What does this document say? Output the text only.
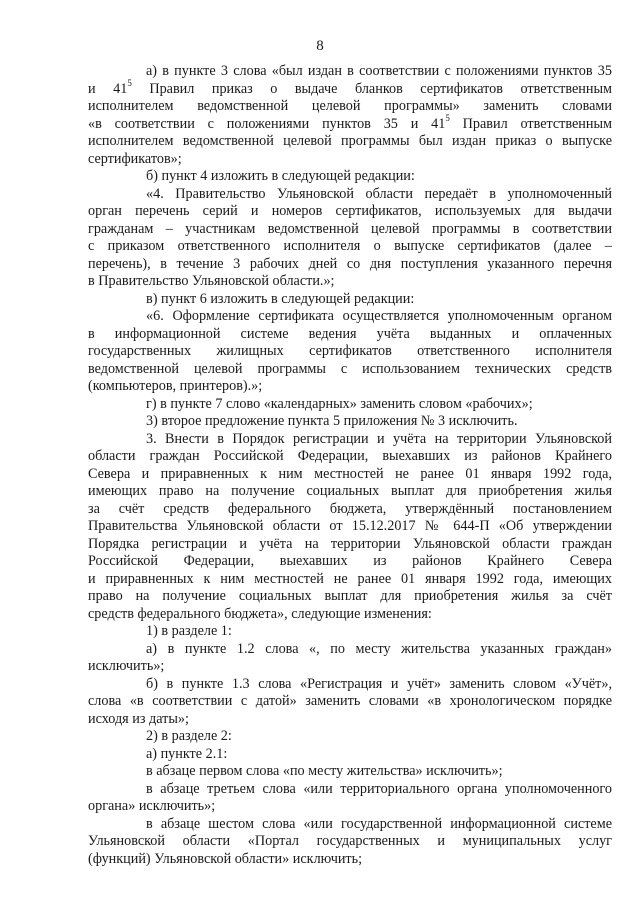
8

а) в пункте 3 слова «был издан в соответствии с положениями пунктов 35

и $41^5$ Правил приказ о выдаче бланков сертификатов ответственным

исполнителем ведомственной целевой программы» заменить словами

«в соответствии с положениями пунктов 35 и $41^5$ Правил ответственным

исполнителем ведомственной целевой программы был издан приказ о выпуске

сертификатов»;

б) пункт 4 изложить в следующей редакции:

«4. Правительство Ульяновской области передаёт в уполномоченный

орган перечень серий и номеров сертификатов, используемых для выдачи

гражданам – участникам ведомственной целевой программы в соответствии

с приказом ответственного исполнителя о выпуске сертификатов (далее –

перечень), в течение 3 рабочих дней со дня поступления указанного перечня

в Правительство Ульяновской области.»;

в) пункт 6 изложить в следующей редакции:

«6. Оформление сертификата осуществляется уполномоченным органом

в информационной системе ведения учёта выданных и оплаченных

государственных жилищных сертификатов ответственного исполнителя

ведомственной целевой программы с использованием технических средств

(компьютеров, принтеров).»;

г) в пункте 7 слово «календарных» заменить словом «рабочих»;

3) второе предложение пункта 5 приложения № 3 исключить.

3. Внести в Порядок регистрации и учёта на территории Ульяновской

области граждан Российской Федерации, выехавших из районов Крайнего

Севера и приравненных к ним местностей не ранее 01 января 1992 года,

имеющих право на получение социальных выплат для приобретения жилья

за счёт средств федерального бюджета, утверждённый постановлением

Правительства Ульяновской области от 15.12.2017 № 644-П «Об утверждении

Порядка регистрации и учёта на территории Ульяновской области граждан

Российской Федерации, выехавших из районов Крайнего Севера

и приравненных к ним местностей не ранее 01 января 1992 года, имеющих

право на получение социальных выплат для приобретения жилья за счёт

средств федерального бюджета», следующие изменения:

1) в разделе 1:

а) в пункте 1.2 слова «, по месту жительства указанных граждан»

исключить»;

б) в пункте 1.3 слова «Регистрация и учёт» заменить словом «Учёт»,

слова «в соответствии с датой» заменить словами «в хронологическом порядке

исходя из даты»;

2) в разделе 2:

а) пункте 2.1:

в абзаце первом слова «по месту жительства» исключить»;

в абзаце третьем слова «или территориального органа уполномоченного

органа» исключить»;

в абзаце шестом слова «или государственной информационной системе

Ульяновской области «Портал государственных и муниципальных услуг

(функций) Ульяновской области» исключить;
